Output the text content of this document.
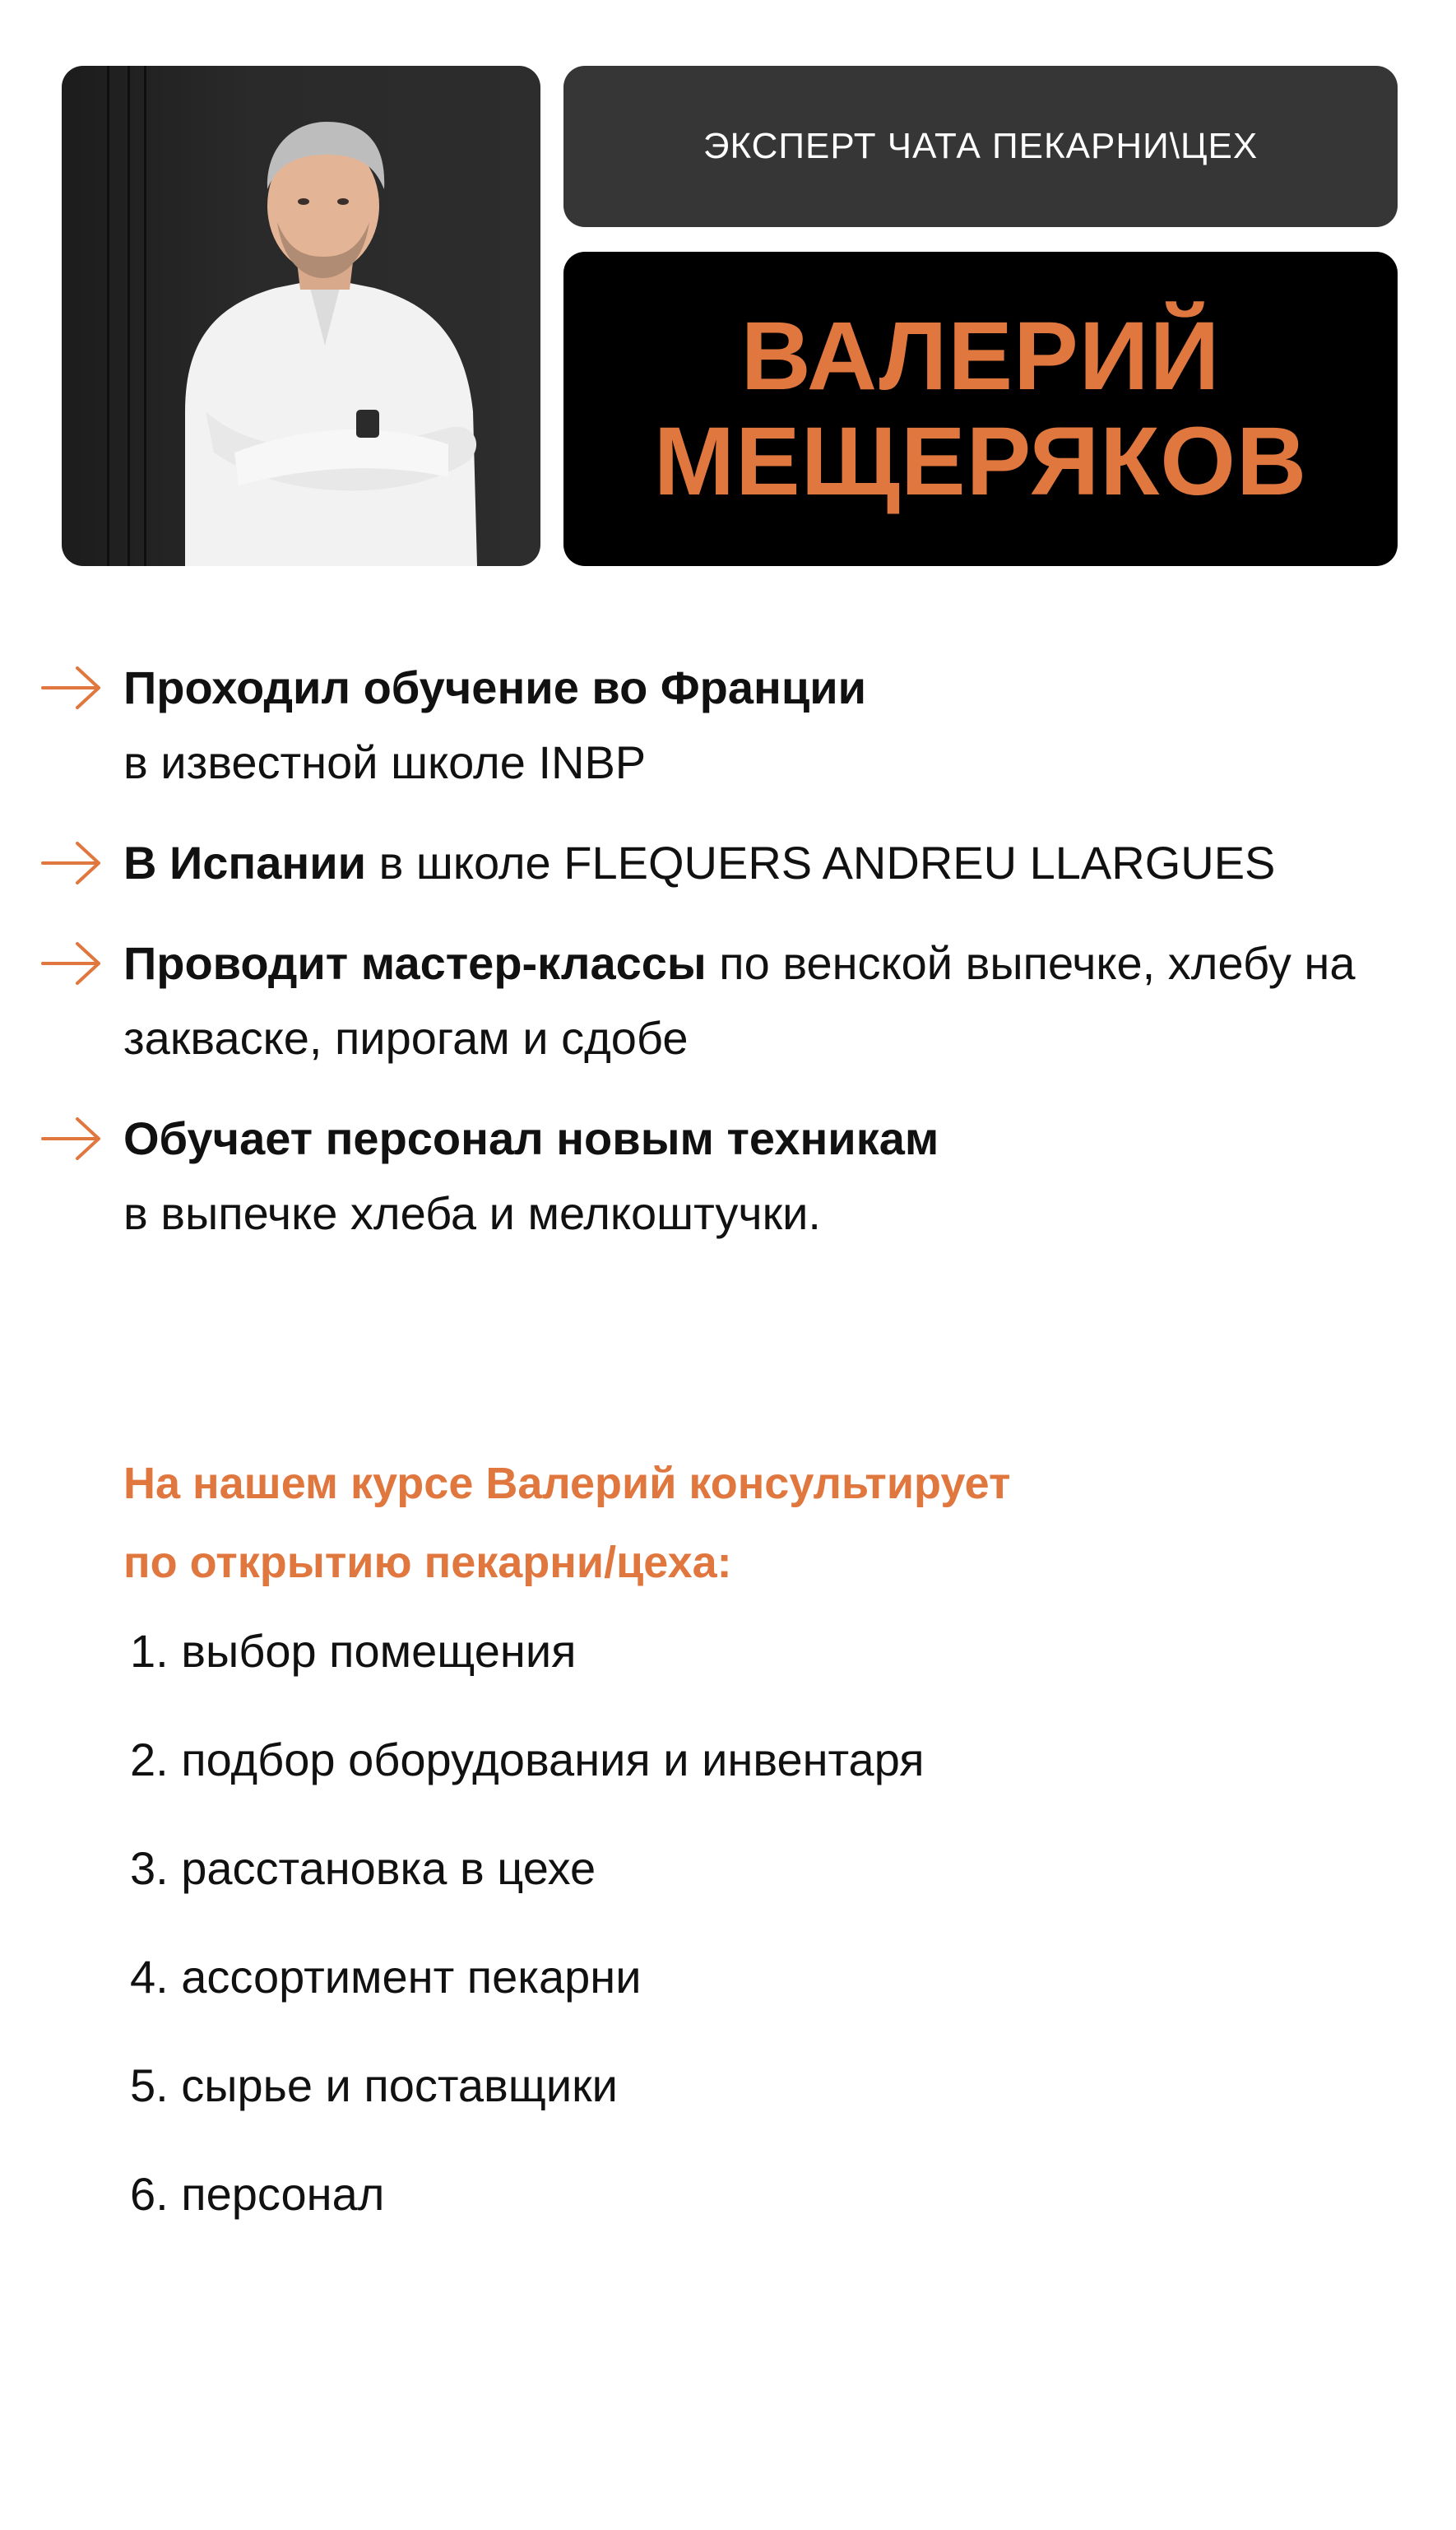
ЭКСПЕРТ ЧАТА ПЕКАРНИ\ЦЕХ
ВАЛЕРИЙ
МЕЩЕРЯКОВ
Проходил обучение во Франции
в известной школе INBP
В Испании в школе FLEQUERS ANDREU LLARGUES
Проводит мастер-классы по венской выпечке, хлебу на закваске, пирогам и сдобе
Обучает персонал новым техникам
в выпечке хлеба и мелкоштучки.
На нашем курсе Валерий консультирует
по открытию пекарни/цеха:
1. выбор помещения
2. подбор оборудования и инвентаря
3. расстановка в цехе
4. ассортимент пекарни
5. сырье и поставщики
6. персонал
